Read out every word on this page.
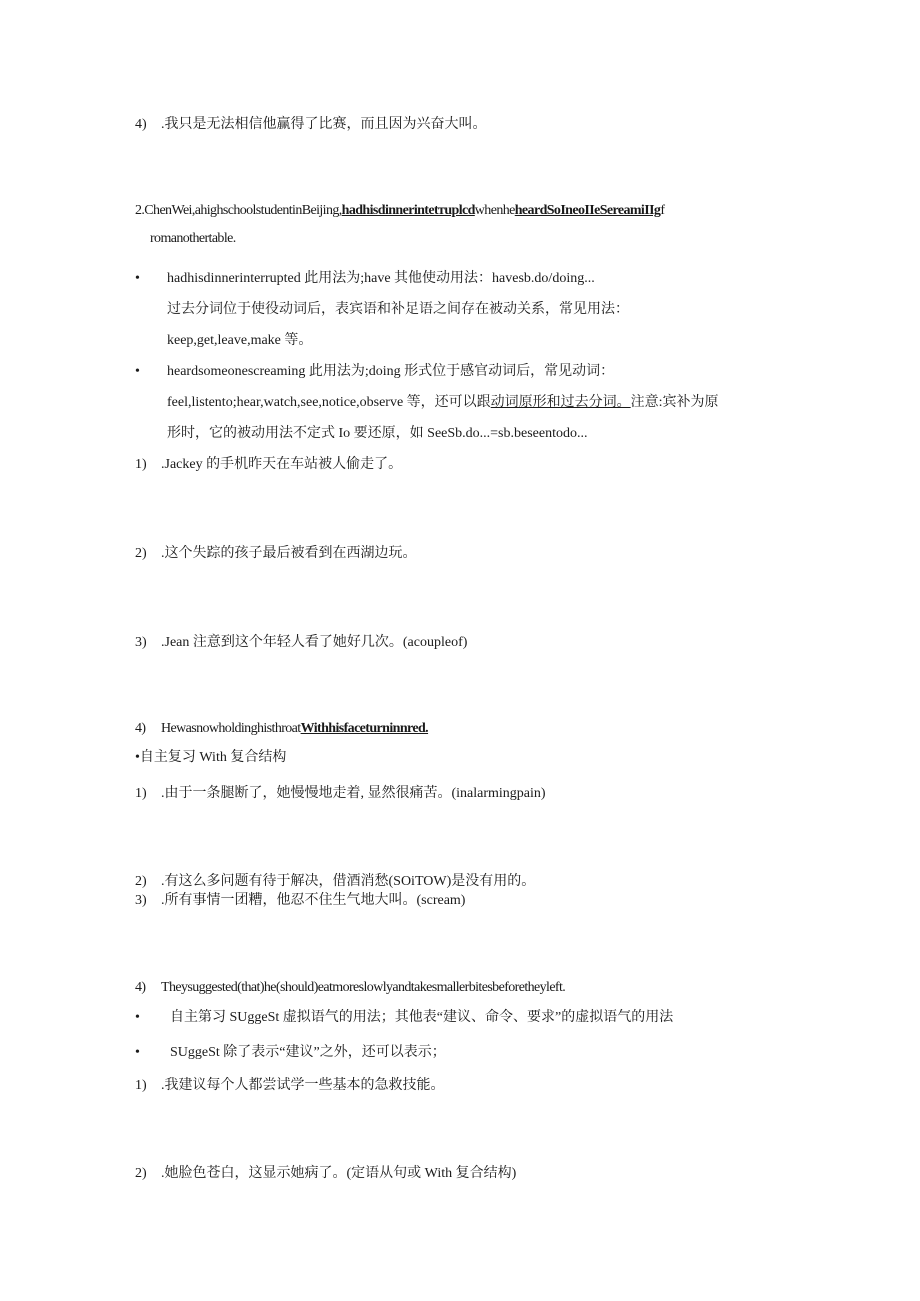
4) .我只是无法相信他赢得了比赛，而且因为兴奋大叫。
2.ChenWei,ahighschoolstudentinBeijing,hadhisdinnerintetтuplcdwhenheheardSoIneoIIeSereamiIIgf
romanothertable.
• hadhisdinnerinterrupted 此用法为;have 其他使动用法：havesb.do/doing...
过去分词位于使役动词后，表宾语和补足语之间存在被动关系，常见用法：
keep,get,leave,make 等。
• heardsomeonescreaming 此用法为;doing 形式位于感官动词后，常见动词：
feel,listento;hear,watch,see,notice,observe 等，还可以跟动词原形和过去分词。注意:宾补为原
形时，它的被动用法不定式 Io 要还原，如 SeeSb.do...=sb.beseentodo...
1) .Jackey 的手机昨天在车站被人偷走了。
2) .这个失踪的孩子最后被看到在西湖边玩。
3) .Jean 注意到这个年轻人看了她好几次。(acoupleof)
4) HewasnowholdinghisthroatWithhisfaceturninnred.
•自主复习 With 复合结构
1) .由于一条腿断了，她慢慢地走着, 显然很痛苦。(inalarmingpain)
2) .有这么多问题有待于解决，借酒消愁(SOiTOW)是没有用的。
3) .所有事情一团糟，他忍不住生气地大叫。(scream)
4) Theysuggested(that)he(should)eatmoreslowlyandtakesmallerbitesbeforetheyleft.
• 自主第习 SUggeSt 虚拟语气的用法；其他表“建议、命令、要求”的虚拟语气的用法
• SUggeSt 除了表示“建议”之外，还可以表示；
1) .我建议每个人都尝试学一些基本的急救技能。
2) .她脸色苍白，这显示她病了。(定语从句或 With 复合结构)
